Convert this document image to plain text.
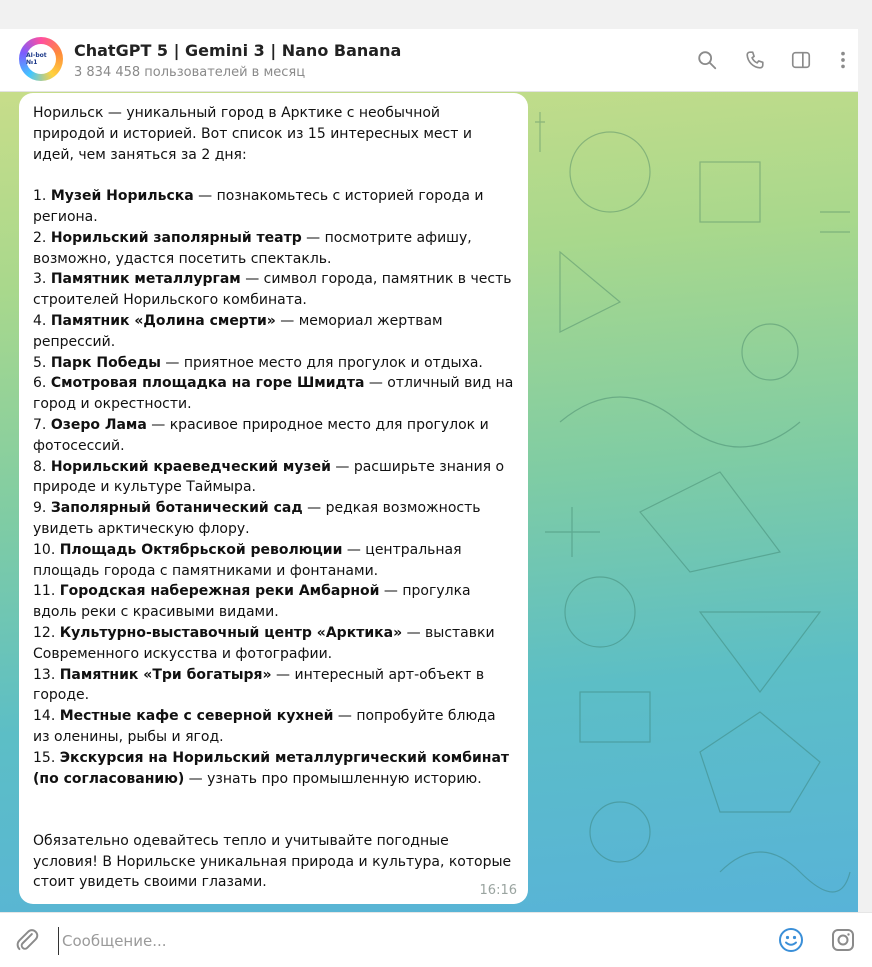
AI-bot №1
ChatGPT 5 | Gemini 3 | Nano Banana
3 834 458 пользователей в месяц
Норильск — уникальный город в Арктике с необычной природой и историей. Вот список из 15 интересных мест и идей, чем заняться за 2 дня:
1. Музей Норильска — познакомьтесь с историей города и региона.
2. Норильский заполярный театр — посмотрите афишу, возможно, удастся посетить спектакль.
3. Памятник металлургам — символ города, памятник в честь строителей Норильского комбината.
4. Памятник «Долина смерти» — мемориал жертвам репрессий.
5. Парк Победы — приятное место для прогулок и отдыха.
6. Смотровая площадка на горе Шмидта — отличный вид на город и окрестности.
7. Озеро Лама — красивое природное место для прогулок и фотосессий.
8. Норильский краеведческий музей — расширьте знания о природе и культуре Таймыра.
9. Заполярный ботанический сад — редкая возможность увидеть арктическую флору.
10. Площадь Октябрьской революции — центральная площадь города с памятниками и фонтанами.
11. Городская набережная реки Амбарной — прогулка вдоль реки с красивыми видами.
12. Культурно-выставочный центр «Арктика» — выставки Современного искусства и фотографии.
13. Памятник «Три богатыря» — интересный арт-объект в городе.
14. Местные кафе с северной кухней — попробуйте блюда из оленины, рыбы и ягод.
15. Экскурсия на Норильский металлургический комбинат (по согласованию) — узнать про промышленную историю.
Обязательно одевайтесь тепло и учитывайте погодные условия! В Норильске уникальная природа и культура, которые стоит увидеть своими глазами.
16:16
Сообщение...
